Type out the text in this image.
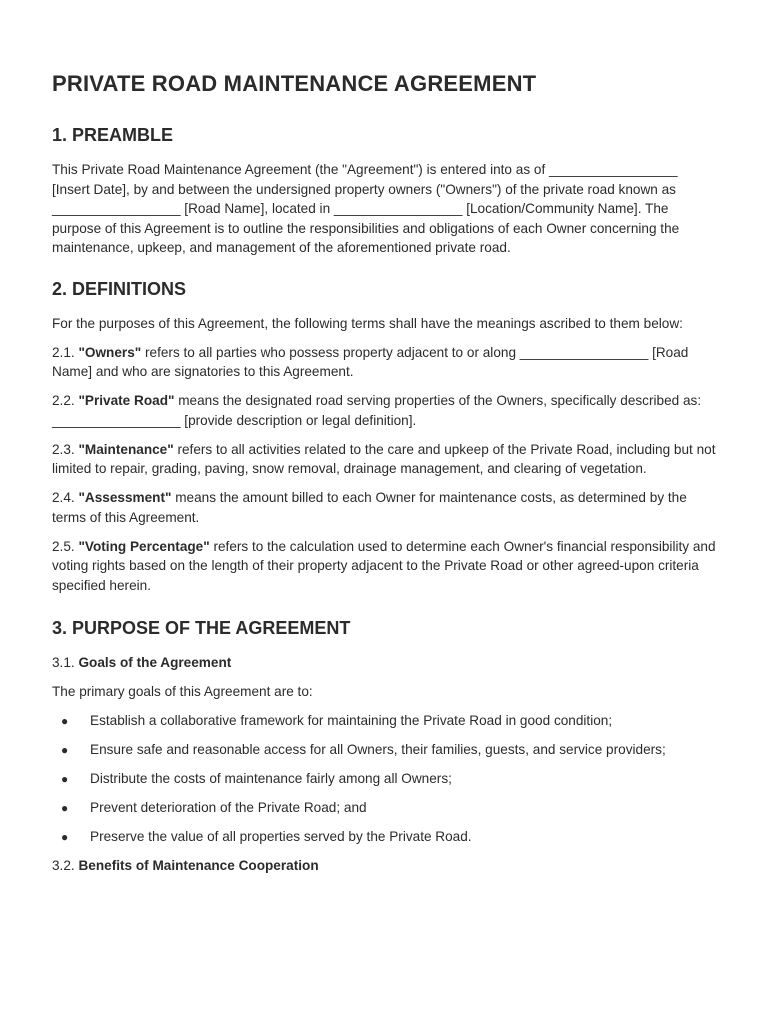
PRIVATE ROAD MAINTENANCE AGREEMENT
1. PREAMBLE

This Private Road Maintenance Agreement (the "Agreement") is entered into as of _________________ [Insert Date], by and between the undersigned property owners ("Owners") of the private road known as _________________ [Road Name], located in _________________ [Location/Community Name]. The purpose of this Agreement is to outline the responsibilities and obligations of each Owner concerning the maintenance, upkeep, and management of the aforementioned private road.

2. DEFINITIONS

For the purposes of this Agreement, the following terms shall have the meanings ascribed to them below:

2.1. "Owners" refers to all parties who possess property adjacent to or along _________________ [Road Name] and who are signatories to this Agreement.

2.2. "Private Road" means the designated road serving properties of the Owners, specifically described as: _________________ [provide description or legal definition].

2.3. "Maintenance" refers to all activities related to the care and upkeep of the Private Road, including but not limited to repair, grading, paving, snow removal, drainage management, and clearing of vegetation.

2.4. "Assessment" means the amount billed to each Owner for maintenance costs, as determined by the terms of this Agreement.

2.5. "Voting Percentage" refers to the calculation used to determine each Owner's financial responsibility and voting rights based on the length of their property adjacent to the Private Road or other agreed-upon criteria specified herein.

3. PURPOSE OF THE AGREEMENT

3.1. Goals of the Agreement

The primary goals of this Agreement are to:

● Establish a collaborative framework for maintaining the Private Road in good condition;
● Ensure safe and reasonable access for all Owners, their families, guests, and service providers;
● Distribute the costs of maintenance fairly among all Owners;
● Prevent deterioration of the Private Road; and
● Preserve the value of all properties served by the Private Road.

3.2. Benefits of Maintenance Cooperation
